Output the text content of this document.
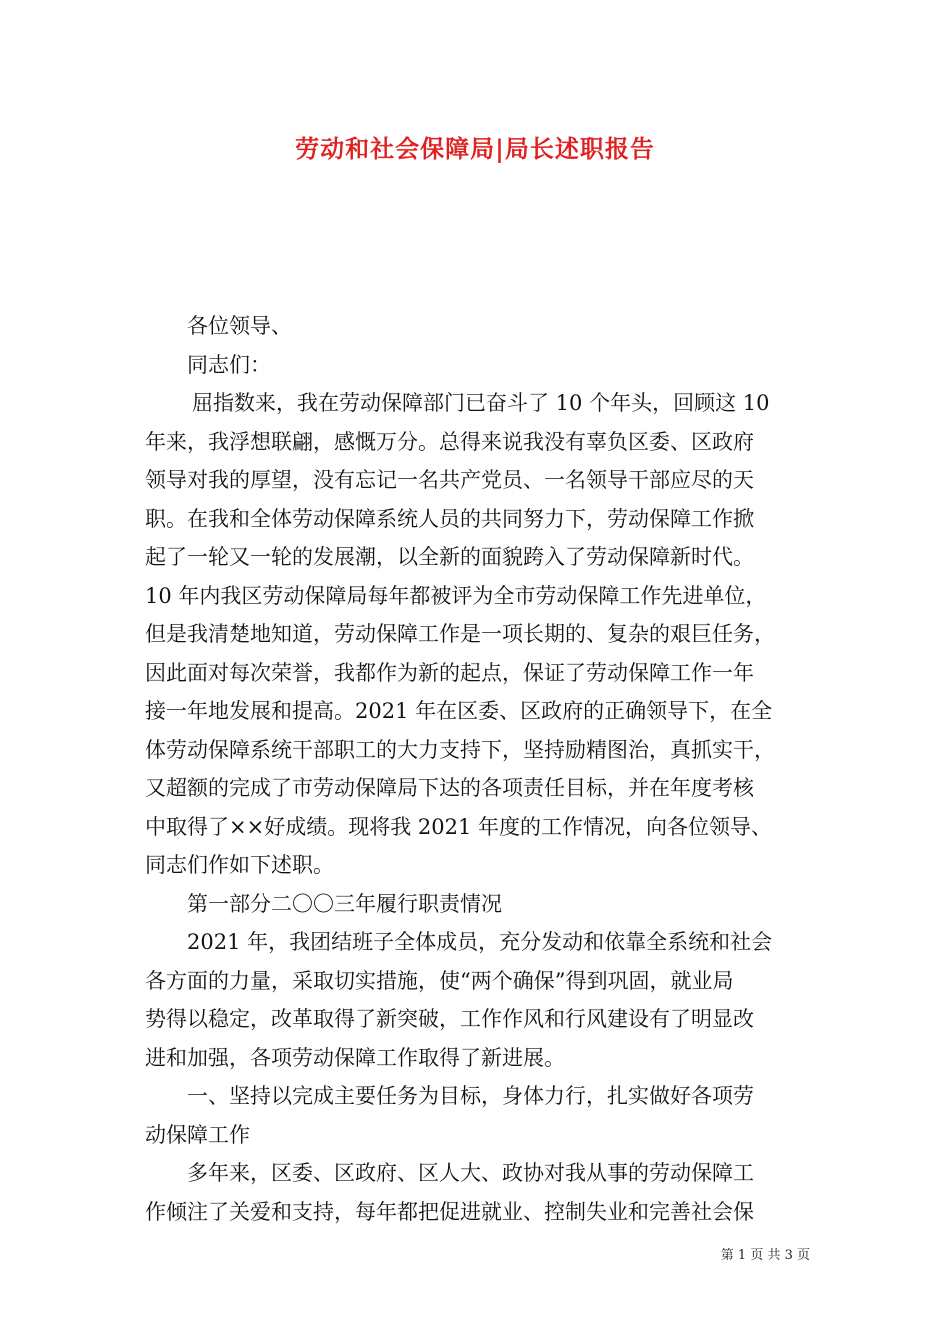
劳动和社会保障局|局长述职报告
各位领导、
同志们：
屈指数来，我在劳动保障部门已奋斗了 10 个年头，回顾这 10
年来，我浮想联翩，感慨万分。总得来说我没有辜负区委、区政府
领导对我的厚望，没有忘记一名共产党员、一名领导干部应尽的天
职。在我和全体劳动保障系统人员的共同努力下，劳动保障工作掀
起了一轮又一轮的发展潮，以全新的面貌跨入了劳动保障新时代。
10 年内我区劳动保障局每年都被评为全市劳动保障工作先进单位，
但是我清楚地知道，劳动保障工作是一项长期的、复杂的艰巨任务，
因此面对每次荣誉，我都作为新的起点，保证了劳动保障工作一年
接一年地发展和提高。2021 年在区委、区政府的正确领导下，在全
体劳动保障系统干部职工的大力支持下，坚持励精图治，真抓实干，
又超额的完成了市劳动保障局下达的各项责任目标，并在年度考核
中取得了××好成绩。现将我 2021 年度的工作情况，向各位领导、
同志们作如下述职。
第一部分二〇〇三年履行职责情况
2021 年，我团结班子全体成员，充分发动和依靠全系统和社会
各方面的力量，采取切实措施，使“两个确保”得到巩固，就业局
势得以稳定，改革取得了新突破，工作作风和行风建设有了明显改
进和加强，各项劳动保障工作取得了新进展。
一、坚持以完成主要任务为目标，身体力行，扎实做好各项劳
动保障工作
多年来，区委、区政府、区人大、政协对我从事的劳动保障工
作倾注了关爱和支持，每年都把促进就业、控制失业和完善社会保
第 1 页 共 3 页
